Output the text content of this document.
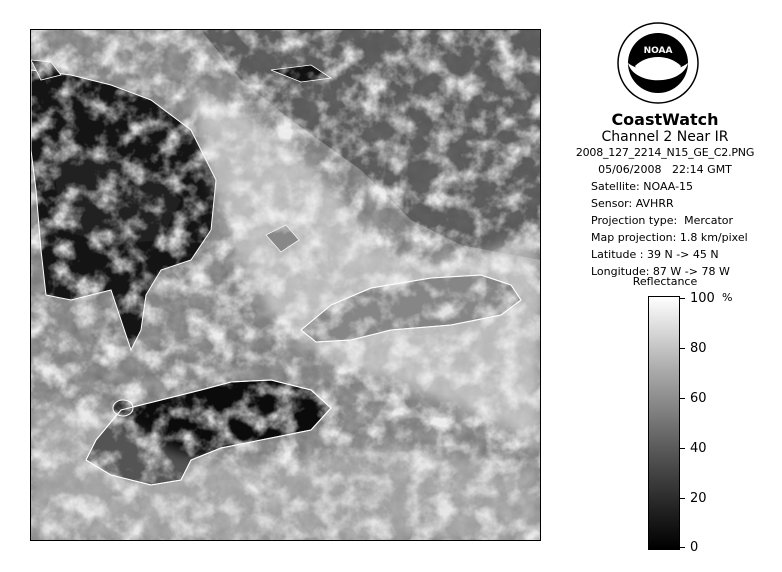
NOAA
CoastWatch
Channel 2 Near IR
2008_127_2214_N15_GE_C2.PNG
05/06/2008   22:14 GMT
Satellite: NOAA-15
Sensor: AVHRR
Projection type:  Mercator
Map projection: 1.8 km/pixel
Latitude : 39 N -> 45 N
Longitude: 87 W -> 78 W
Reflectance
%
100
80
60
40
20
0
